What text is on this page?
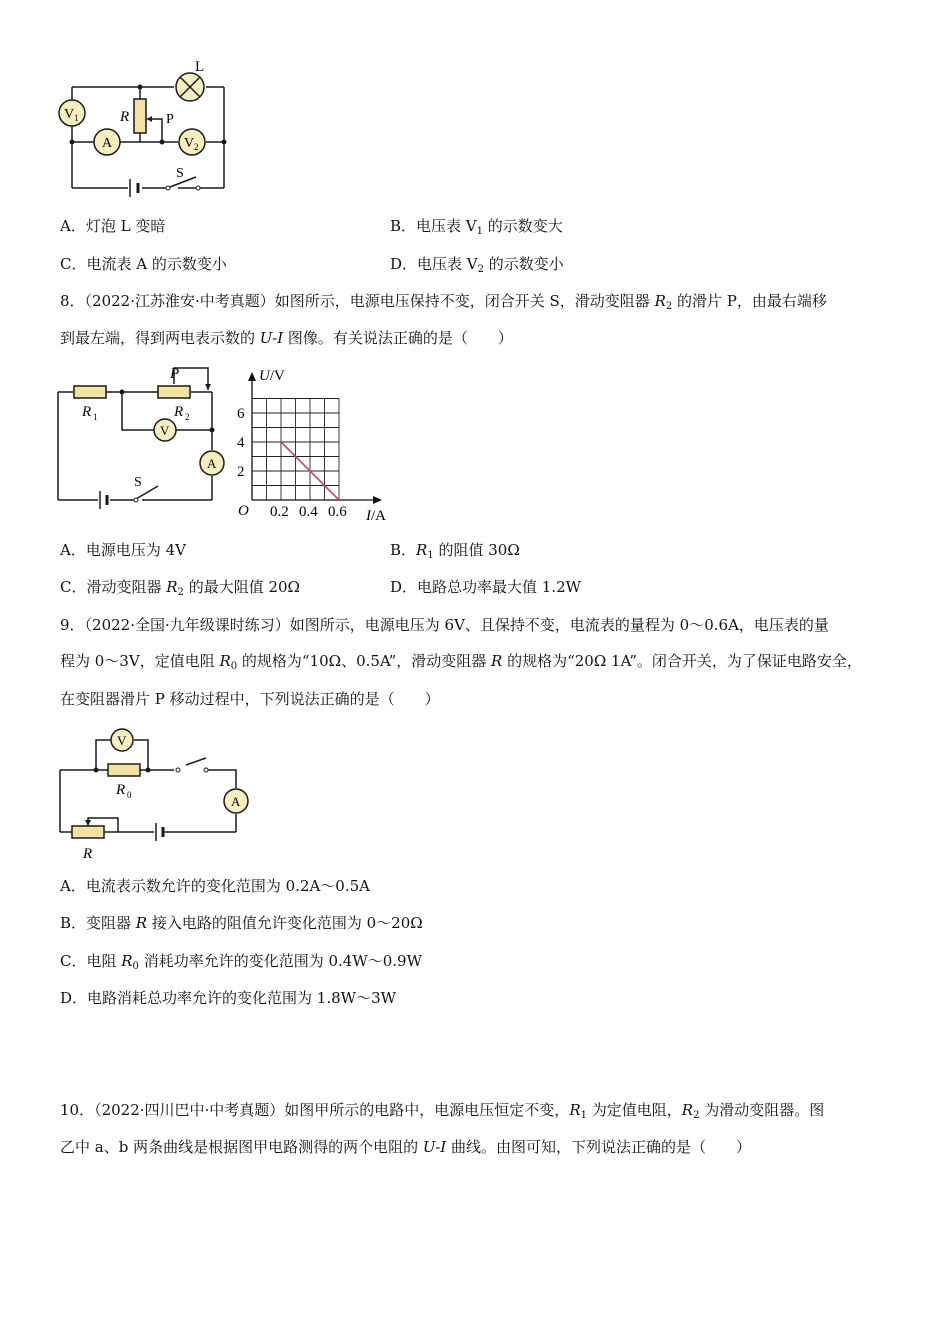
L
V 1	R	P
A	V 2
S
A．灯泡 L 变暗	B．电压表 $V_1$ 的示数变大
C．电流表 A 的示数变小	D．电压表 $V_2$ 的示数变小
8．（2022·江苏淮安·中考真题）如图所示，电源电压保持不变，闭合开关 S，滑动变阻器 $R_2$ 的滑片 P，由最右端移
到最左端，得到两电表示数的 U-I 图像。有关说法正确的是（　　）
P
R 1	R 2
V
A
S
U/V
I/A
O
2
4
6
0.2 0.4 0.6
A．电源电压为 4V	B．$R_1$ 的阻值 30Ω
C．滑动变阻器 $R_2$ 的最大阻值 20Ω	D．电路总功率最大值 1.2W
9．（2022·全国·九年级课时练习）如图所示，电源电压为 6V、且保持不变，电流表的量程为 0～0.6A，电压表的量
程为 0～3V，定值电阻 $R_0$ 的规格为“10Ω、0.5A”，滑动变阻器 R 的规格为“20Ω 1A”。闭合开关，为了保证电路安全，
在变阻器滑片 P 移动过程中，下列说法正确的是（　　）
V
R 0	A
R
A．电流表示数允许的变化范围为 0.2A～0.5A
B．变阻器 R 接入电路的阻值允许变化范围为 0～20Ω
C．电阻 $R_0$ 消耗功率允许的变化范围为 0.4W～0.9W
D．电路消耗总功率允许的变化范围为 1.8W～3W
10．（2022·四川巴中·中考真题）如图甲所示的电路中，电源电压恒定不变，$R_1$ 为定值电阻，$R_2$ 为滑动变阻器。图
乙中 a、b 两条曲线是根据图甲电路测得的两个电阻的 U-I 曲线。由图可知，下列说法正确的是（　　）
